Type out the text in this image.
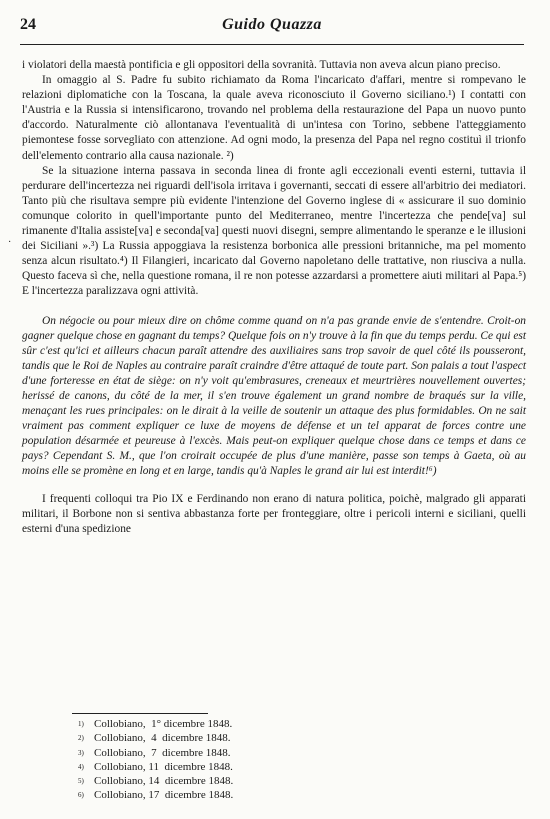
24	Guido Quazza
·

i violatori della maestà pontificia e gli oppositori della sovranità. Tuttavia non aveva alcun piano preciso.

In omaggio al S. Padre fu subito richiamato da Roma l'incaricato d'affari, mentre si rompevano le relazioni diplomatiche con la Toscana, la quale aveva riconosciuto il Governo siciliano.¹) I contatti con l'Austria e la Russia si intensificarono, trovando nel problema della restaurazione del Papa un nuovo punto d'accordo. Naturalmente ciò allontanava l'eventualità di un'intesa con Torino, sebbene l'atteggiamento piemontese fosse sorvegliato con attenzione. Ad ogni modo, la presenza del Papa nel regno costituì il trionfo dell'elemento contrario alla causa nazionale. ²)

Se la situazione interna passava in seconda linea di fronte agli eccezionali eventi esterni, tuttavia il perdurare dell'incertezza nei riguardi dell'isola irritava i governanti, seccati di essere all'arbitrio dei mediatori. Tanto più che risultava sempre più evidente l'intenzione del Governo inglese di « assicurare il suo dominio comunque colorito in quell'importante punto del Mediterraneo, mentre l'incertezza che pende[va] sul rimanente d'Italia assiste[va] e seconda[va] questi nuovi disegni, sempre alimentando le speranze e le illusioni dei Siciliani ».³) La Russia appoggiava la resistenza borbonica alle pressioni britanniche, ma pel momento senza alcun risultato.⁴) Il Filangieri, incaricato dal Governo napoletano delle trattative, non riusciva a nulla. Questo faceva sì che, nella questione romana, il re non potesse azzardarsi a promettere aiuti militari al Papa.⁵) E l'incertezza paralizzava ogni attività.

On négocie ou pour mieux dire on chôme comme quand on n'a pas grande envie de s'entendre. Croit-on gagner quelque chose en gagnant du temps? Quelque fois on n'y trouve à la fin que du temps perdu. Ce qui est sûr c'est qu'ici et ailleurs chacun paraît attendre des auxiliaires sans trop savoir de quel côté ils pousseront, tandis que le Roi de Naples au contraire paraît craindre d'être attaqué de toute part. Son palais a tout l'aspect d'une forteresse en état de siège: on n'y voit qu'embrasures, creneaux et meurtrières nouvellement ouvertes; herissé de canons, du côté de la mer, il s'en trouve également un grand nombre de braqués sur la ville, menaçant les rues principales: on le dirait à la veille de soutenir un attaque des plus formidables. On ne sait vraiment pas comment expliquer ce luxe de moyens de défense et un tel apparat de forces contre une population désarmée et peureuse à l'excès. Mais peut-on expliquer quelque chose dans ce temps et dans ce pays? Cependant S. M., que l'on croirait occupée de plus d'une manière, passe son temps à Gaeta, où au moins elle se promène en long et en large, tandis qu'à Naples le grand air lui est interdit!⁶)

I frequenti colloqui tra Pio IX e Ferdinando non erano di natura politica, poichè, malgrado gli apparati militari, il Borbone non si sentiva abbastanza forte per fronteggiare, oltre i pericoli interni e siciliani, quelli esterni d'una spedizione

1) Collobiano,  1° dicembre 1848.
2) Collobiano,  4  dicembre 1848.
3) Collobiano,  7  dicembre 1848.
4) Collobiano, 11  dicembre 1848.
5) Collobiano, 14  dicembre 1848.
6) Collobiano, 17  dicembre 1848.
